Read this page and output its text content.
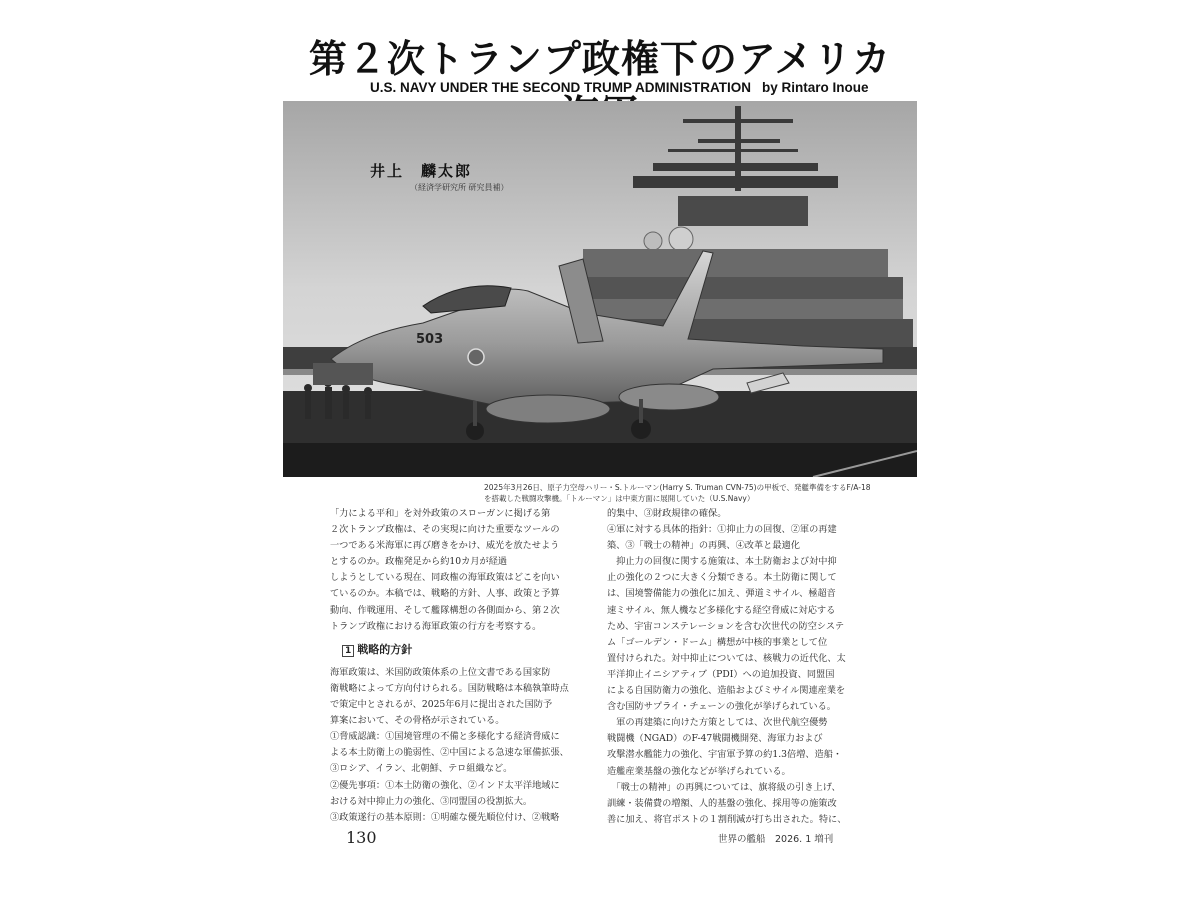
第２次トランプ政権下のアメリカ
U.S. NAVY UNDER THE SECOND TRUMP ADMINISTRATION by Rintaro Inoue
503
井上　麟太郎
（経済学研究所 研究員補）
2025年3月26日、原子力空母ハリー・S.トルーマン(Harry S. Truman CVN-75)の甲板で、発艦準備をするF/A-18
を搭載した戦闘攻撃機。「トルーマン」は中東方面に展開していた（U.S.Navy）

「力による平和」を対外政策のスローガンに掲げる第

２次トランプ政権は、その実現に向けた重要なツールの

一つである米海軍に再び磨きをかけ、威光を放たせよう

とするのか。政権発足から約10カ月が経過

しようとしている現在、同政権の海軍政策はどこを向い

ているのか。本稿では、戦略的方針、人事、政策と予算

動向、作戦運用、そして艦隊構想の各側面から、第２次

トランプ政権における海軍政策の行方を考察する。

1 戦略的方針

海軍政策は、米国防政策体系の上位文書である国家防

衛戦略によって方向付けられる。国防戦略は本稿執筆時点

で策定中とされるが、2025年6月に提出された国防予

算案において、その骨格が示されている。

①脅威認識：①国境管理の不備と多様化する経済脅威に

よる本土防衛上の脆弱性、②中国による急速な軍備拡張、

③ロシア、イラン、北朝鮮、テロ組織など。

②優先事項：①本土防衛の強化、②インド太平洋地域に

おける対中抑止力の強化、③同盟国の役割拡大。

③政策遂行の基本原則：①明確な優先順位付け、②戦略

的集中、③財政規律の確保。

④軍に対する具体的指針：①抑止力の回復、②軍の再建

築、③「戦士の精神」の再興、④改革と最適化

　抑止力の回復に関する施策は、本土防衛および対中抑

止の強化の２つに大きく分類できる。本土防衛に関して

は、国境警備能力の強化に加え、弾道ミサイル、極超音

速ミサイル、無人機など多様化する経空脅威に対応する

ため、宇宙コンステレーションを含む次世代の防空システ

ム「ゴールデン・ドーム」構想が中核的事業として位

置付けられた。対中抑止については、核戦力の近代化、太

平洋抑止イニシアティブ（PDI）への追加投資、同盟国

による自国防衛力の強化、造船およびミサイル関連産業を

含む国防サプライ・チェーンの強化が挙げられている。

　軍の再建築に向けた方策としては、次世代航空優勢

戦闘機（NGAD）のF-47戦闘機開発、海軍力および

攻撃潜水艦能力の強化、宇宙軍予算の約1.3倍増、造船・

造艦産業基盤の強化などが挙げられている。

　「戦士の精神」の再興については、旗将級の引き上げ、

訓練・装備費の増額、人的基盤の強化、採用等の施策改

善に加え、将官ポストの１割削減が打ち出された。特に、

130	世界の艦船　2026. 1 増刊
